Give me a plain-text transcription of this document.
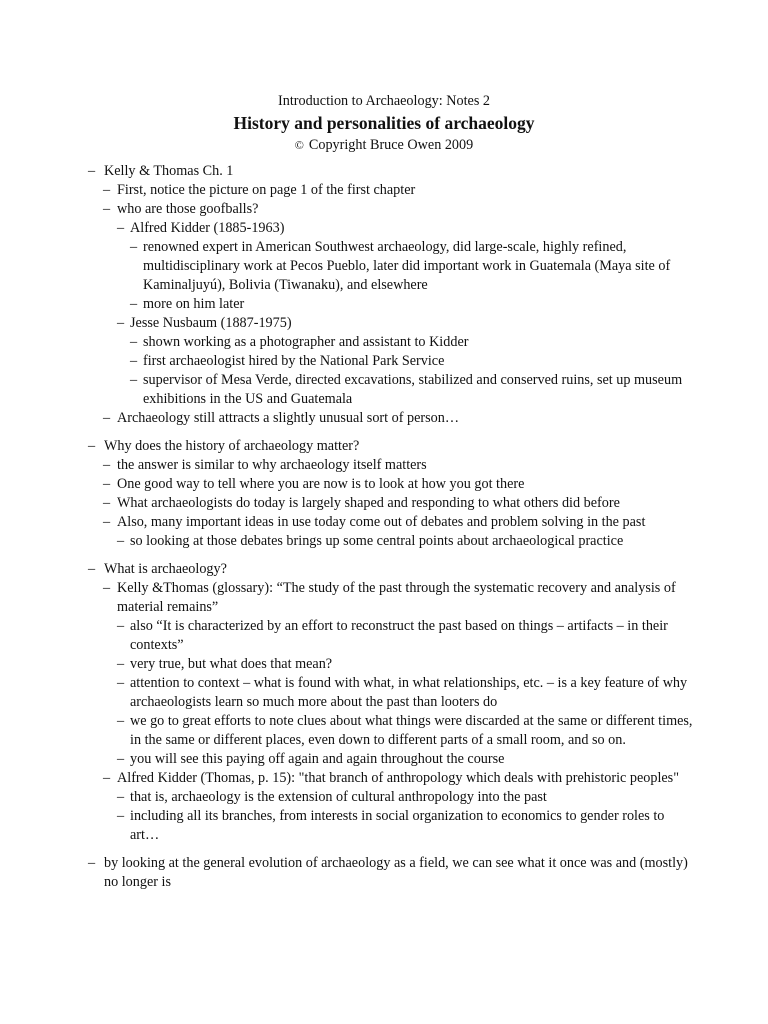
Introduction to Archaeology: Notes 2
History and personalities of archaeology
© Copyright Bruce Owen 2009
– Kelly & Thomas Ch. 1
– First, notice the picture on page 1 of the first chapter
– who are those goofballs?
– Alfred Kidder (1885-1963)
– renowned expert in American Southwest archaeology, did large-scale, highly refined, multidisciplinary work at Pecos Pueblo, later did important work in Guatemala (Maya site of Kaminaljuyú), Bolivia (Tiwanaku), and elsewhere
– more on him later
– Jesse Nusbaum (1887-1975)
– shown working as a photographer and assistant to Kidder
– first archaeologist hired by the National Park Service
– supervisor of Mesa Verde, directed excavations, stabilized and conserved ruins, set up museum exhibitions in the US and Guatemala
– Archaeology still attracts a slightly unusual sort of person…
– Why does the history of archaeology matter?
– the answer is similar to why archaeology itself matters
– One good way to tell where you are now is to look at how you got there
– What archaeologists do today is largely shaped and responding to what others did before
– Also, many important ideas in use today come out of debates and problem solving in the past
– so looking at those debates brings up some central points about archaeological practice
– What is archaeology?
– Kelly &Thomas (glossary): “The study of the past through the systematic recovery and analysis of material remains”
– also “It is characterized by an effort to reconstruct the past based on things – artifacts – in their contexts”
– very true, but what does that mean?
– attention to context – what is found with what, in what relationships, etc. – is a key feature of why archaeologists learn so much more about the past than looters do
– we go to great efforts to note clues about what things were discarded at the same or different times, in the same or different places, even down to different parts of a small room, and so on.
– you will see this paying off again and again throughout the course
– Alfred Kidder (Thomas, p. 15): "that branch of anthropology which deals with prehistoric peoples"
– that is, archaeology is the extension of cultural anthropology into the past
– including all its branches, from interests in social organization to economics to gender roles to art…
– by looking at the general evolution of archaeology as a field, we can see what it once was and (mostly) no longer is
